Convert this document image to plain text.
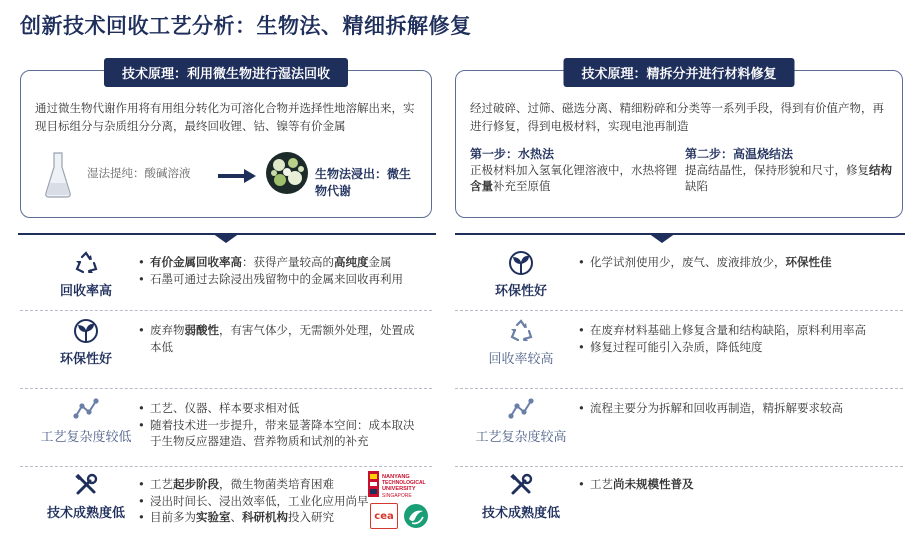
创新技术回收工艺分析：生物法、精细拆解修复
技术原理：利用微生物进行湿法回收
通过微生物代谢作用将有用组分转化为可溶化合物并选择性地溶解出来，实现目标组分与杂质组分分离，最终回收锂、钴、镍等有价金属
湿法提纯：酸碱溶液	生物法浸出：微生物代谢
技术原理：精拆分并进行材料修复
经过破碎、过筛、磁选分离、精细粉碎和分类等一系列手段，得到有价值产物，再进行修复，得到电极材料，实现电池再制造
第一步：水热法
正极材料加入氢氧化锂溶液中，水热将锂含量补充至原值
第二步：高温烧结法
提高结晶性，保持形貌和尺寸，修复结构缺陷
回收率高
• 有价金属回收率高：获得产量较高的高纯度金属
• 石墨可通过去除浸出残留物中的金属来回收再利用
环保性好
• 废弃物弱酸性，有害气体少，无需额外处理，处置成本低
工艺复杂度较低
• 工艺、仪器、样本要求相对低
• 随着技术进一步提升，带来显著降本空间：成本取决于生物反应器建造、营养物质和试剂的补充
技术成熟度低
• 工艺起步阶段，微生物菌类培育困难
• 浸出时间长、浸出效率低，工业化应用尚早
• 目前多为实验室、科研机构投入研究
环保性好
• 化学试剂使用少，废气、废液排放少，环保性佳
回收率较高
• 在废弃材料基础上修复含量和结构缺陷，原料利用率高
• 修复过程可能引入杂质，降低纯度
工艺复杂度较高
• 流程主要分为拆解和回收再制造，精拆解要求较高
技术成熟度低
• 工艺尚未规模性普及
NANYANG
TECHNOLOGICAL
UNIVERSITY
SINGAPORE
cea
